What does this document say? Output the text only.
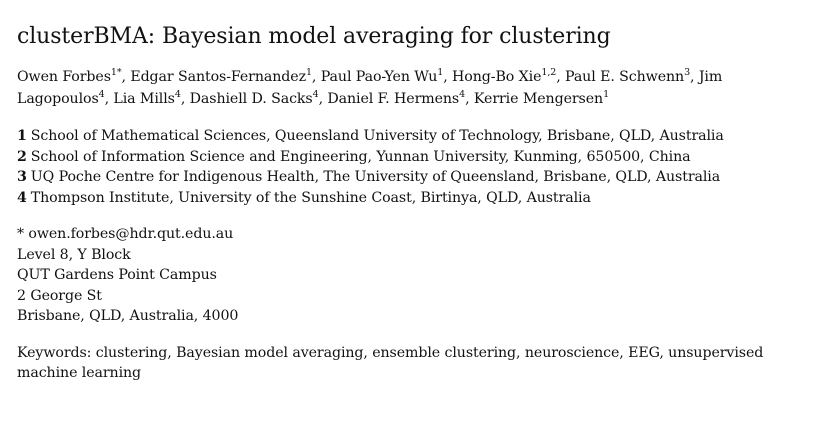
clusterBMA: Bayesian model averaging for clustering
Owen Forbes$^{1*}$, Edgar Santos-Fernandez$^1$, Paul Pao-Yen Wu$^1$, Hong-Bo Xie$^{1,2}$, Paul E. Schwenn$^3$, Jim Lagopoulos$^4$, Lia Mills$^4$, Dashiell D. Sacks$^4$, Daniel F. Hermens$^4$, Kerrie Mengersen$^1$
1 School of Mathematical Sciences, Queensland University of Technology, Brisbane, QLD, Australia
2 School of Information Science and Engineering, Yunnan University, Kunming, 650500, China
3 UQ Poche Centre for Indigenous Health, The University of Queensland, Brisbane, QLD, Australia
4 Thompson Institute, University of the Sunshine Coast, Birtinya, QLD, Australia
* owen.forbes@hdr.qut.edu.au
Level 8, Y Block
QUT Gardens Point Campus
2 George St
Brisbane, QLD, Australia, 4000
Keywords: clustering, Bayesian model averaging, ensemble clustering, neuroscience, EEG, unsupervised machine learning
